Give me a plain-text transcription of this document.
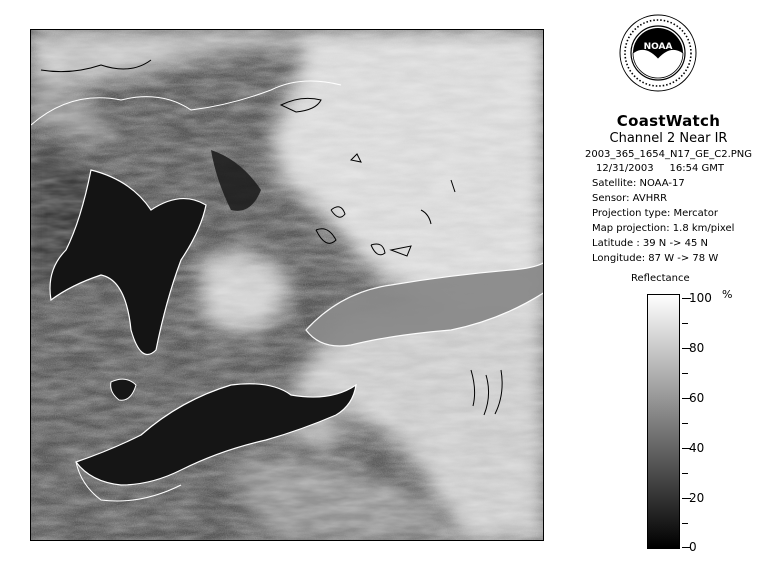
NOAA
CoastWatch
Channel 2 Near IR
2003_365_1654_N17_GE_C2.PNG
12/31/2003 16:54 GMT
Satellite: NOAA-17
Sensor: AVHRR
Projection type: Mercator
Map projection: 1.8 km/pixel
Latitude : 39 N -> 45 N
Longitude: 87 W -> 78 W
Reflectance
%
100
80
60
40
20
0
